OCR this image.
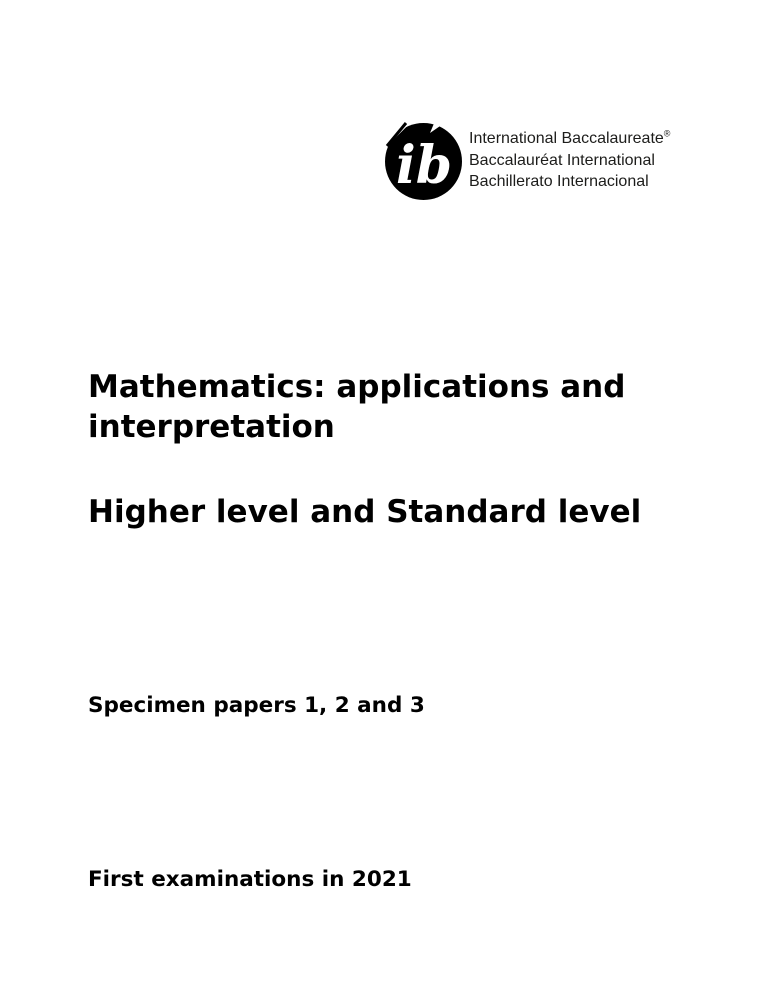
ib International Baccalaureate®
Baccalauréat International
Bachillerato Internacional
Mathematics: applications and interpretation
Higher level and Standard level

Specimen papers 1, 2 and 3

First examinations in 2021
